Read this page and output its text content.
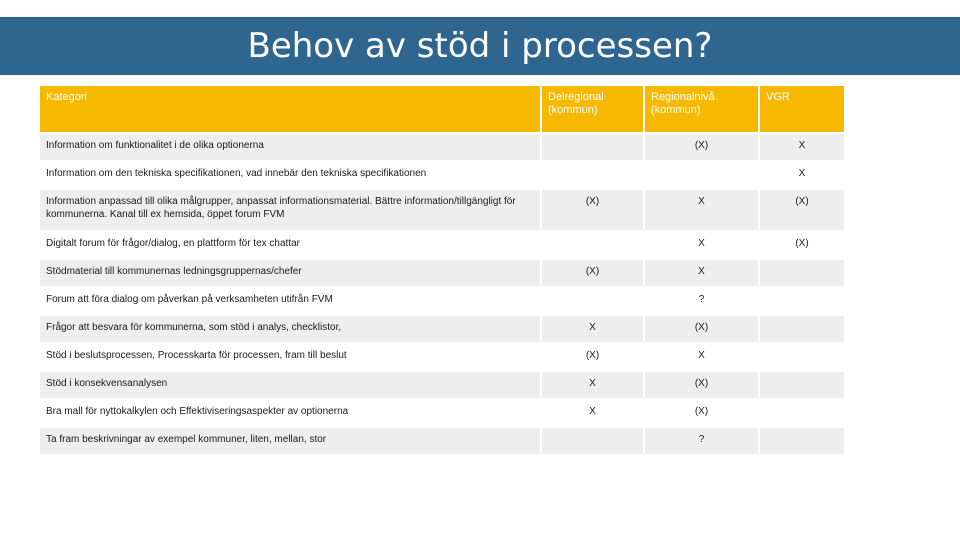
Behov av stöd i processen?
Kategori	Delregional (kommun)	Regionalnivå (kommun)	VGR
Information om funktionalitet i de olika optionerna		(X)	X
Information om den tekniska specifikationen, vad innebär den tekniska specifikationen			X
Information anpassad till olika målgrupper, anpassat informationsmaterial. Bättre information/tillgängligt för kommunerna. Kanal till ex hemsida, öppet forum FVM	(X)	X	(X)
Digitalt forum för frågor/dialog, en plattform för tex chattar		X	(X)
Stödmaterial till kommunernas ledningsgruppernas/chefer	(X)	X	
Forum att föra dialog om påverkan på verksamheten utifrån FVM		?	
Frågor att besvara för kommunerna, som stöd i analys, checklistor,	X	(X)	
Stöd i beslutsprocessen, Processkarta för processen, fram till beslut	(X)	X	
Stöd i konsekvensanalysen	X	(X)	
Bra mall för nyttokalkylen och Effektiviseringsaspekter av optionerna	X	(X)	
Ta fram beskrivningar av exempel kommuner, liten, mellan, stor		?	
